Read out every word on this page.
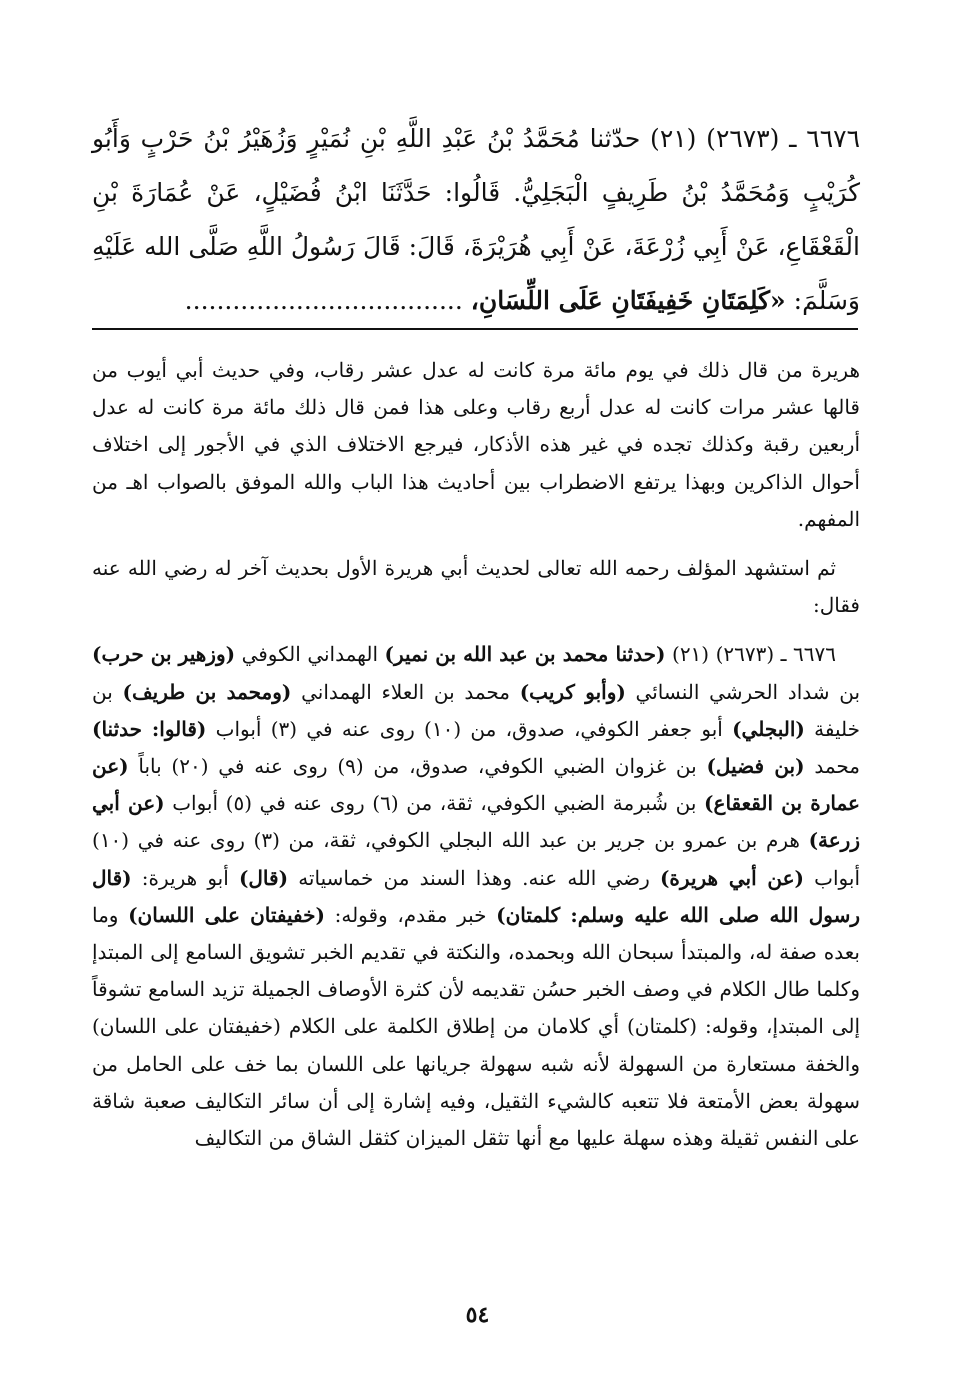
٦٦٧٦ ـ (٢٦٧٣) (٢١) حدّثنا مُحَمَّدُ بْنُ عَبْدِ اللَّهِ بْنِ نُمَيْرٍ وَزُهَيْرُ بْنُ حَرْبٍ وَأَبُو كُرَيْبٍ وَمُحَمَّدُ بْنُ طَرِيفٍ الْبَجَلِيُّ. قَالُوا: حَدَّثَنَا ابْنُ فُضَيْلٍ، عَنْ عُمَارَةَ بْنِ الْقَعْقَاعِ، عَنْ أَبِي زُرْعَةَ، عَنْ أَبِي هُرَيْرَةَ، قَالَ: قَالَ رَسُولُ اللَّهِ صَلَّى الله عَلَيْهِ وَسَلَّمَ: «كَلِمَتَانِ خَفِيفَتَانِ عَلَى اللِّسَانِ، ...................................

هريرة من قال ذلك في يوم مائة مرة كانت له عدل عشر رقاب، وفي حديث أبي أيوب من قالها عشر مرات كانت له عدل أربع رقاب وعلى هذا فمن قال ذلك مائة مرة كانت له عدل أربعين رقبة وكذلك تجده في غير هذه الأذكار، فيرجع الاختلاف الذي في الأجور إلى اختلاف أحوال الذاكرين وبهذا يرتفع الاضطراب بين أحاديث هذا الباب والله الموفق بالصواب اهـ من المفهم.

ثم استشهد المؤلف رحمه الله تعالى لحديث أبي هريرة الأول بحديث آخر له رضي الله عنه فقال:

٦٦٧٦ ـ (٢٦٧٣) (٢١) (حدثنا محمد بن عبد الله بن نمير) الهمداني الكوفي (وزهير بن حرب) بن شداد الحرشي النسائي (وأبو كريب) محمد بن العلاء الهمداني (ومحمد بن طريف) بن خليفة (البجلي) أبو جعفر الكوفي، صدوق، من (١٠) روى عنه في (٣) أبواب (قالوا: حدثنا) محمد (بن فضيل) بن غزوان الضبي الكوفي، صدوق، من (٩) روى عنه في (٢٠) باباً (عن عمارة بن القعقاع) بن شُبرمة الضبي الكوفي، ثقة، من (٦) روى عنه في (٥) أبواب (عن أبي زرعة) هرم بن عمرو بن جرير بن عبد الله البجلي الكوفي، ثقة، من (٣) روى عنه في (١٠) أبواب (عن أبي هريرة) رضي الله عنه. وهذا السند من خماسياته (قال) أبو هريرة: (قال رسول الله صلى الله عليه وسلم: كلمتان) خبر مقدم، وقوله: (خفيفتان على اللسان) وما بعده صفة له، والمبتدأ سبحان الله وبحمده، والنكتة في تقديم الخبر تشويق السامع إلى المبتدإ وكلما طال الكلام في وصف الخبر حسُن تقديمه لأن كثرة الأوصاف الجميلة تزيد السامع تشوقاً إلى المبتدإ، وقوله: (كلمتان) أي كلامان من إطلاق الكلمة على الكلام (خفيفتان على اللسان) والخفة مستعارة من السهولة لأنه شبه سهولة جريانها على اللسان بما خف على الحامل من سهولة بعض الأمتعة فلا تتعبه كالشيء الثقيل، وفيه إشارة إلى أن سائر التكاليف صعبة شاقة على النفس ثقيلة وهذه سهلة عليها مع أنها تثقل الميزان كثقل الشاق من التكاليف

٥٤
